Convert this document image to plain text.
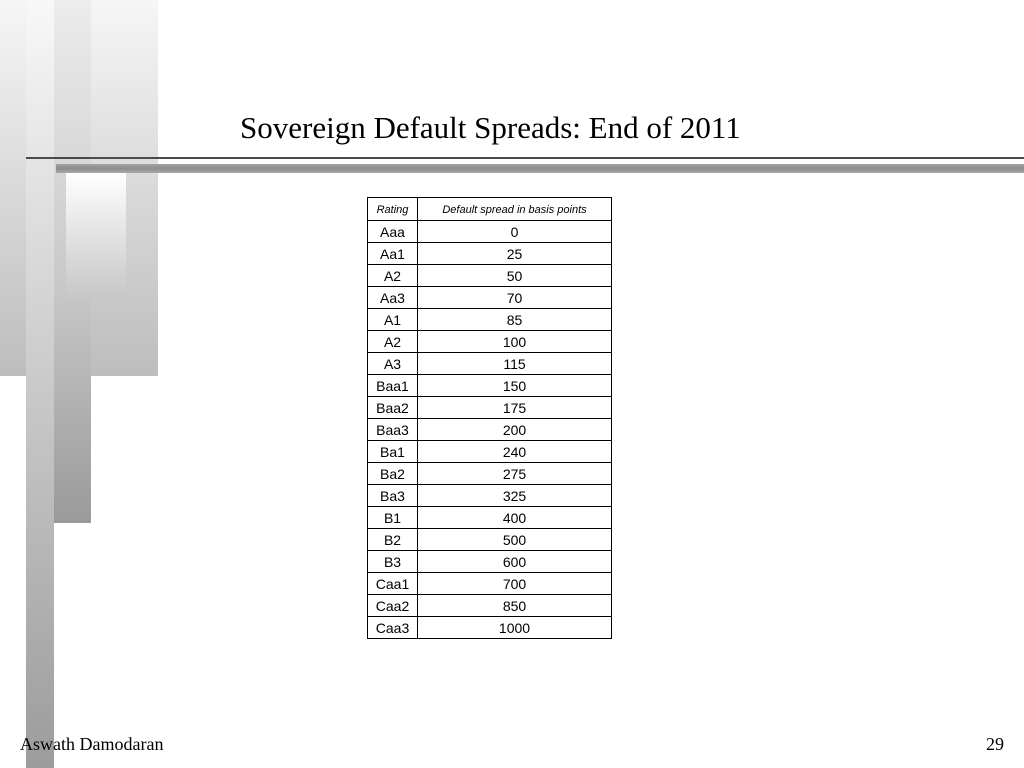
Sovereign Default Spreads: End of 2011
Rating	Default spread in basis points
Aaa	0
Aa1	25
A2	50
Aa3	70
A1	85
A2	100
A3	115
Baa1	150
Baa2	175
Baa3	200
Ba1	240
Ba2	275
Ba3	325
B1	400
B2	500
B3	600
Caa1	700
Caa2	850
Caa3	1000
Aswath Damodaran	29
